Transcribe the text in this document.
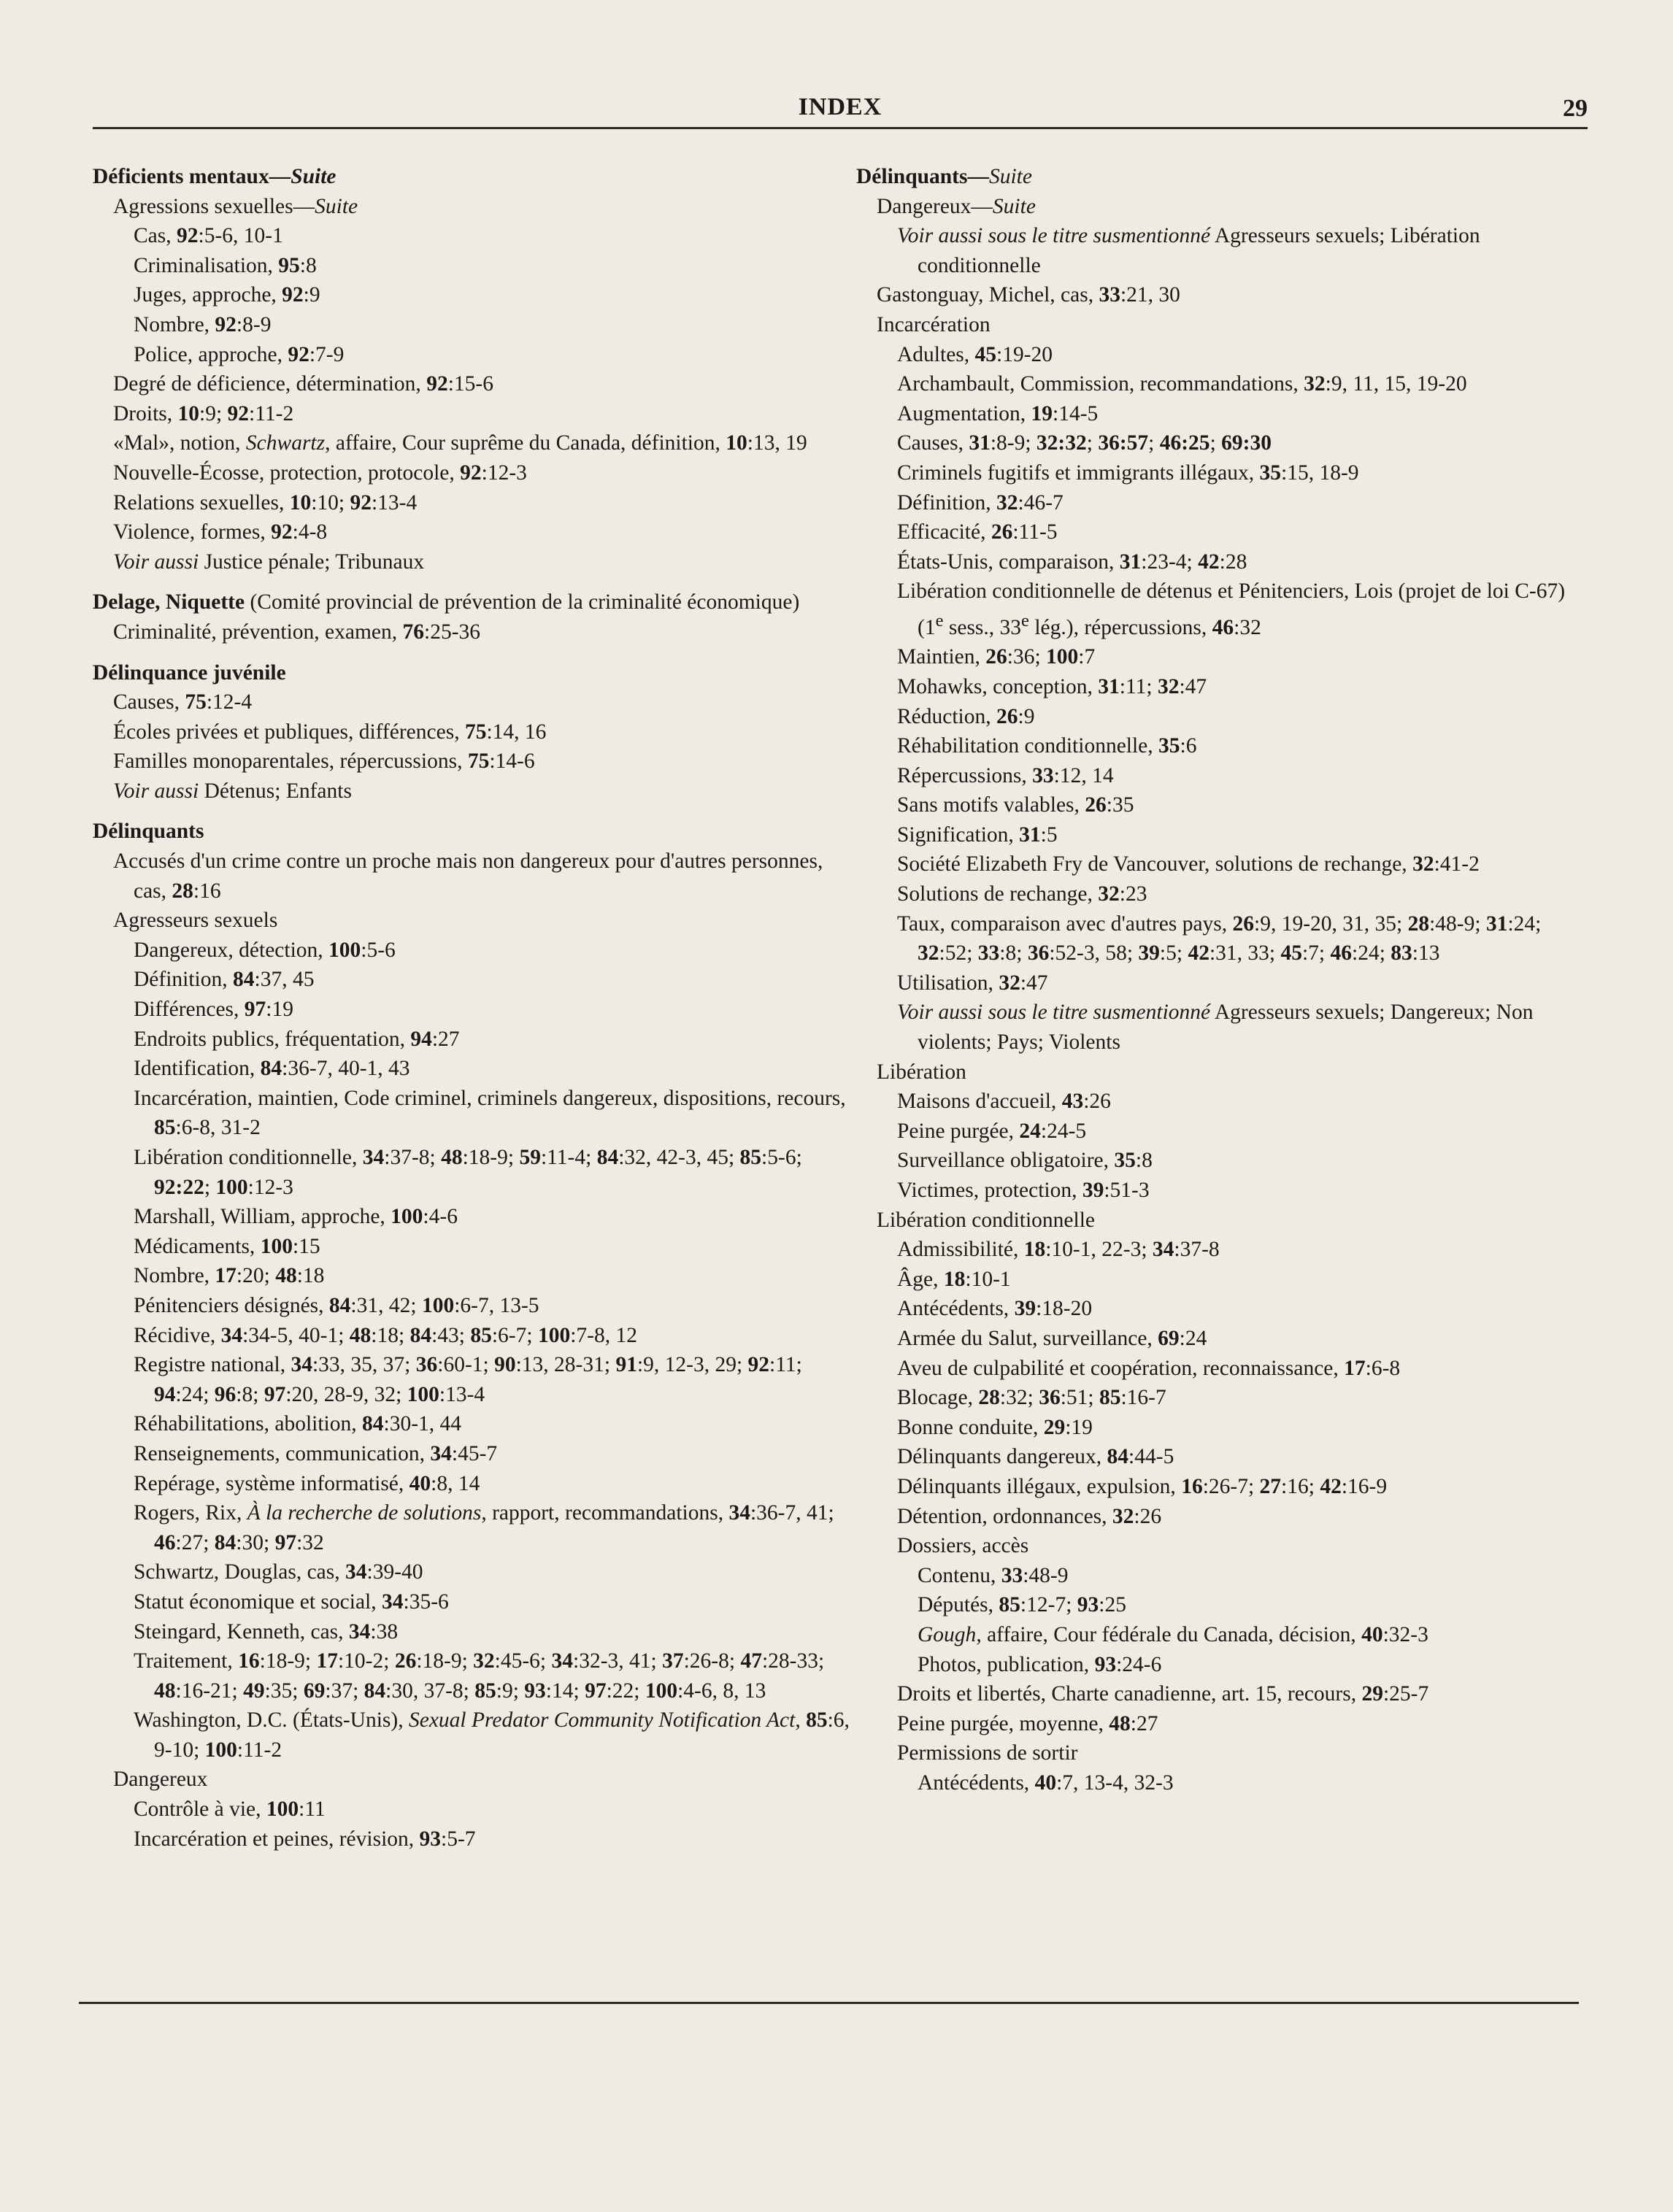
INDEX	29
Déficients mentaux—Suite
Agressions sexuelles—Suite
Cas, 92:5-6, 10-1
Criminalisation, 95:8
Juges, approche, 92:9
Nombre, 92:8-9
Police, approche, 92:7-9
Degré de déficience, détermination, 92:15-6
Droits, 10:9; 92:11-2
«Mal», notion, Schwartz, affaire, Cour suprême du Canada, définition, 10:13, 19
Nouvelle-Écosse, protection, protocole, 92:12-3
Relations sexuelles, 10:10; 92:13-4
Violence, formes, 92:4-8
Voir aussi Justice pénale; Tribunaux
Delage, Niquette (Comité provincial de prévention de la criminalité économique)
Criminalité, prévention, examen, 76:25-36
Délinquance juvénile
Causes, 75:12-4
Écoles privées et publiques, différences, 75:14, 16
Familles monoparentales, répercussions, 75:14-6
Voir aussi Détenus; Enfants
Délinquants
Accusés d'un crime contre un proche mais non dangereux pour d'autres personnes, cas, 28:16
Agresseurs sexuels
Dangereux, détection, 100:5-6
Définition, 84:37, 45
Différences, 97:19
Endroits publics, fréquentation, 94:27
Identification, 84:36-7, 40-1, 43
Incarcération, maintien, Code criminel, criminels dangereux, dispositions, recours, 85:6-8, 31-2
Libération conditionnelle, 34:37-8; 48:18-9; 59:11-4; 84:32, 42-3, 45; 85:5-6; 92:22; 100:12-3
Marshall, William, approche, 100:4-6
Médicaments, 100:15
Nombre, 17:20; 48:18
Pénitenciers désignés, 84:31, 42; 100:6-7, 13-5
Récidive, 34:34-5, 40-1; 48:18; 84:43; 85:6-7; 100:7-8, 12
Registre national, 34:33, 35, 37; 36:60-1; 90:13, 28-31; 91:9, 12-3, 29; 92:11; 94:24; 96:8; 97:20, 28-9, 32; 100:13-4
Réhabilitations, abolition, 84:30-1, 44
Renseignements, communication, 34:45-7
Repérage, système informatisé, 40:8, 14
Rogers, Rix, À la recherche de solutions, rapport, recommandations, 34:36-7, 41; 46:27; 84:30; 97:32
Schwartz, Douglas, cas, 34:39-40
Statut économique et social, 34:35-6
Steingard, Kenneth, cas, 34:38
Traitement, 16:18-9; 17:10-2; 26:18-9; 32:45-6; 34:32-3, 41; 37:26-8; 47:28-33; 48:16-21; 49:35; 69:37; 84:30, 37-8; 85:9; 93:14; 97:22; 100:4-6, 8, 13
Washington, D.C. (États-Unis), Sexual Predator Community Notification Act, 85:6, 9-10; 100:11-2
Dangereux
Contrôle à vie, 100:11
Incarcération et peines, révision, 93:5-7
Délinquants—Suite
Dangereux—Suite
Voir aussi sous le titre susmentionné Agresseurs sexuels; Libération conditionnelle
Gastonguay, Michel, cas, 33:21, 30
Incarcération
Adultes, 45:19-20
Archambault, Commission, recommandations, 32:9, 11, 15, 19-20
Augmentation, 19:14-5
Causes, 31:8-9; 32:32; 36:57; 46:25; 69:30
Criminels fugitifs et immigrants illégaux, 35:15, 18-9
Définition, 32:46-7
Efficacité, 26:11-5
États-Unis, comparaison, 31:23-4; 42:28
Libération conditionnelle de détenus et Pénitenciers, Lois (projet de loi C-67) (1e sess., 33e lég.), répercussions, 46:32
Maintien, 26:36; 100:7
Mohawks, conception, 31:11; 32:47
Réduction, 26:9
Réhabilitation conditionnelle, 35:6
Répercussions, 33:12, 14
Sans motifs valables, 26:35
Signification, 31:5
Société Elizabeth Fry de Vancouver, solutions de rechange, 32:41-2
Solutions de rechange, 32:23
Taux, comparaison avec d'autres pays, 26:9, 19-20, 31, 35; 28:48-9; 31:24; 32:52; 33:8; 36:52-3, 58; 39:5; 42:31, 33; 45:7; 46:24; 83:13
Utilisation, 32:47
Voir aussi sous le titre susmentionné Agresseurs sexuels; Dangereux; Non violents; Pays; Violents
Libération
Maisons d'accueil, 43:26
Peine purgée, 24:24-5
Surveillance obligatoire, 35:8
Victimes, protection, 39:51-3
Libération conditionnelle
Admissibilité, 18:10-1, 22-3; 34:37-8
Âge, 18:10-1
Antécédents, 39:18-20
Armée du Salut, surveillance, 69:24
Aveu de culpabilité et coopération, reconnaissance, 17:6-8
Blocage, 28:32; 36:51; 85:16-7
Bonne conduite, 29:19
Délinquants dangereux, 84:44-5
Délinquants illégaux, expulsion, 16:26-7; 27:16; 42:16-9
Détention, ordonnances, 32:26
Dossiers, accès
Contenu, 33:48-9
Députés, 85:12-7; 93:25
Gough, affaire, Cour fédérale du Canada, décision, 40:32-3
Photos, publication, 93:24-6
Droits et libertés, Charte canadienne, art. 15, recours, 29:25-7
Peine purgée, moyenne, 48:27
Permissions de sortir
Antécédents, 40:7, 13-4, 32-3
